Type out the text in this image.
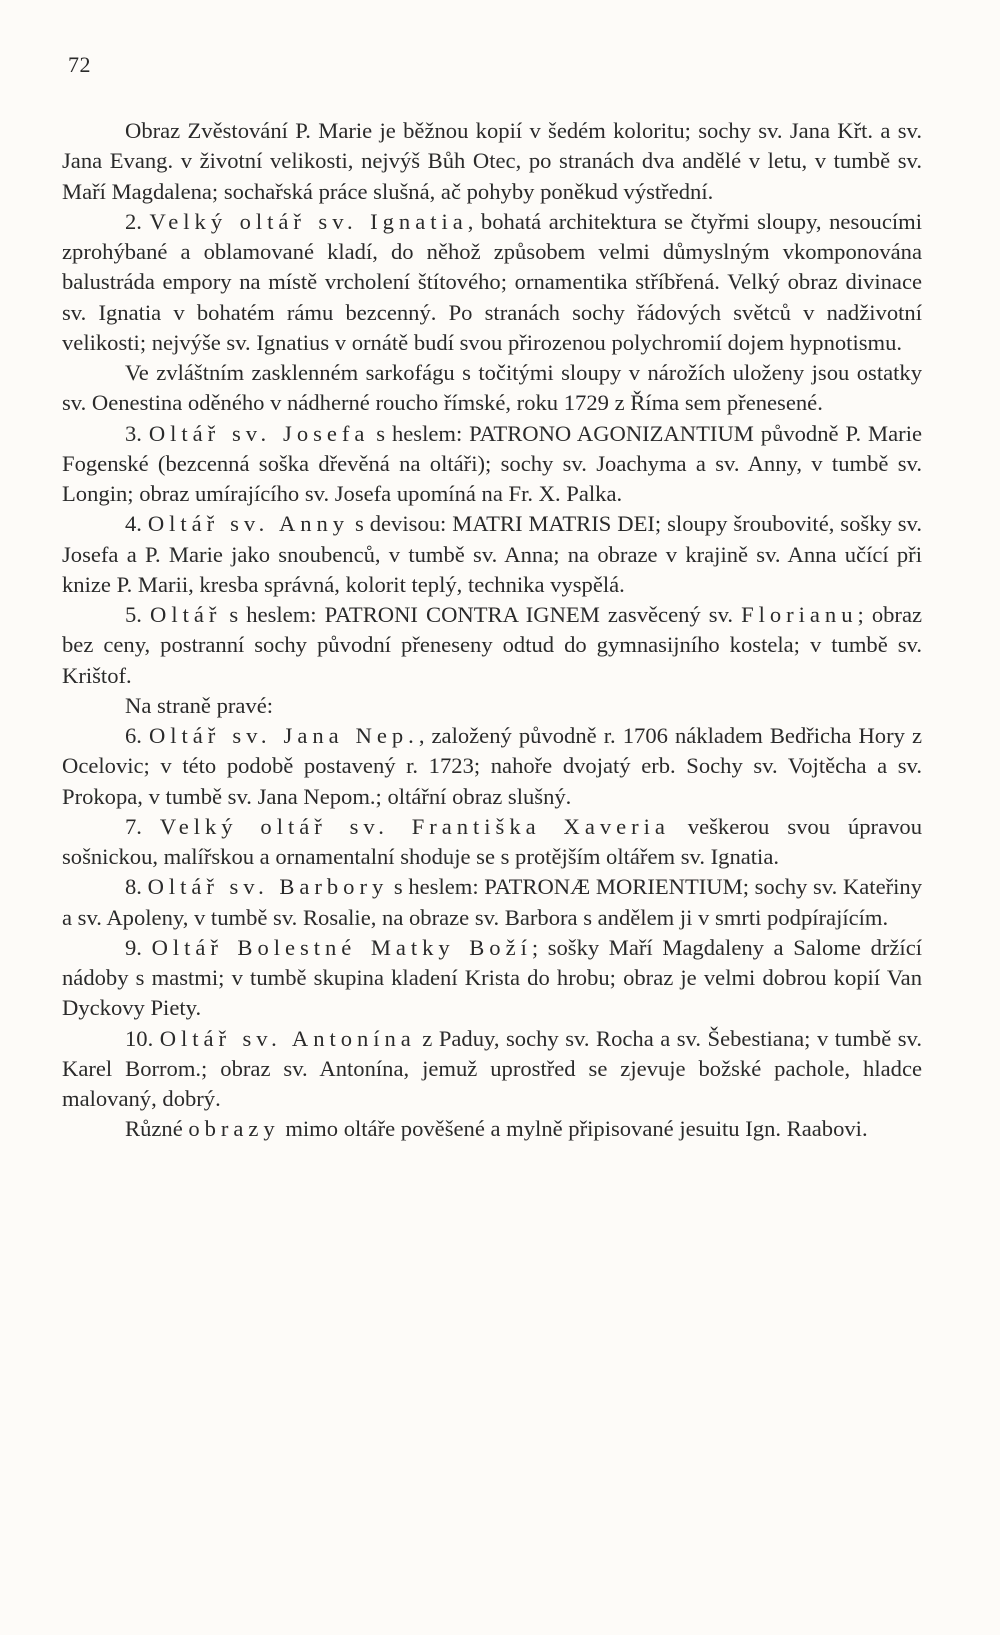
72

Obraz Zvěstování P. Marie je běžnou kopií v šedém koloritu; sochy sv. Jana Křt. a sv. Jana Evang. v životní velikosti, nejvýš Bůh Otec, po stranách dva andělé v letu, v tumbě sv. Maří Magdalena; sochařská práce slušná, ač pohyby poněkud výstřední.

2. Velký oltář sv. Ignatia, bohatá architektura se čtyřmi sloupy, nesoucími zprohýbané a oblamované kladí, do něhož způsobem velmi důmyslným vkomponována balustráda empory na místě vrcholení štítového; ornamentika stříbřená. Velký obraz divinace sv. Ignatia v bohatém rámu bezcenný. Po stranách sochy řádových světců v nadživotní velikosti; nejvýše sv. Ignatius v ornátě budí svou přirozenou polychromií dojem hypnotismu.

Ve zvláštním zasklenném sarkofágu s točitými sloupy v nárožích uloženy jsou ostatky sv. Oenestina oděného v nádherné roucho římské, roku 1729 z Říma sem přenesené.

3. Oltář sv. Josefa s heslem: PATRONO AGONIZANTIUM původně P. Marie Fogenské (bezcenná soška dřevěná na oltáři); sochy sv. Joachyma a sv. Anny, v tumbě sv. Longin; obraz umírajícího sv. Josefa upomíná na Fr. X. Palka.

4. Oltář sv. Anny s devisou: MATRI MATRIS DEI; sloupy šroubovité, sošky sv. Josefa a P. Marie jako snoubenců, v tumbě sv. Anna; na obraze v krajině sv. Anna učící při knize P. Marii, kresba správná, kolorit teplý, technika vyspělá.

5. Oltář s heslem: PATRONI CONTRA IGNEM zasvěcený sv. Florianu; obraz bez ceny, postranní sochy původní přeneseny odtud do gymnasijního kostela; v tumbě sv. Krištof.

Na straně pravé:

6. Oltář sv. Jana Nep., založený původně r. 1706 nákladem Bedřicha Hory z Ocelovic; v této podobě postavený r. 1723; nahoře dvojatý erb. Sochy sv. Vojtěcha a sv. Prokopa, v tumbě sv. Jana Nepom.; oltářní obraz slušný.

7. Velký oltář sv. Františka Xaveria veškerou svou úpravou sošnickou, malířskou a ornamentalní shoduje se s protějším oltářem sv. Ignatia.

8. Oltář sv. Barbory s heslem: PATRONÆ MORIENTIUM; sochy sv. Kateřiny a sv. Apoleny, v tumbě sv. Rosalie, na obraze sv. Barbora s andělem ji v smrti podpírajícím.

9. Oltář Bolestné Matky Boží; sošky Maří Magdaleny a Salome držící nádoby s mastmi; v tumbě skupina kladení Krista do hrobu; obraz je velmi dobrou kopií Van Dyckovy Piety.

10. Oltář sv. Antonína z Paduy, sochy sv. Rocha a sv. Šebestiana; v tumbě sv. Karel Borrom.; obraz sv. Antonína, jemuž uprostřed se zjevuje božské pachole, hladce malovaný, dobrý.

Různé obrazy mimo oltáře pověšené a mylně připisované jesuitu Ign. Raabovi.
